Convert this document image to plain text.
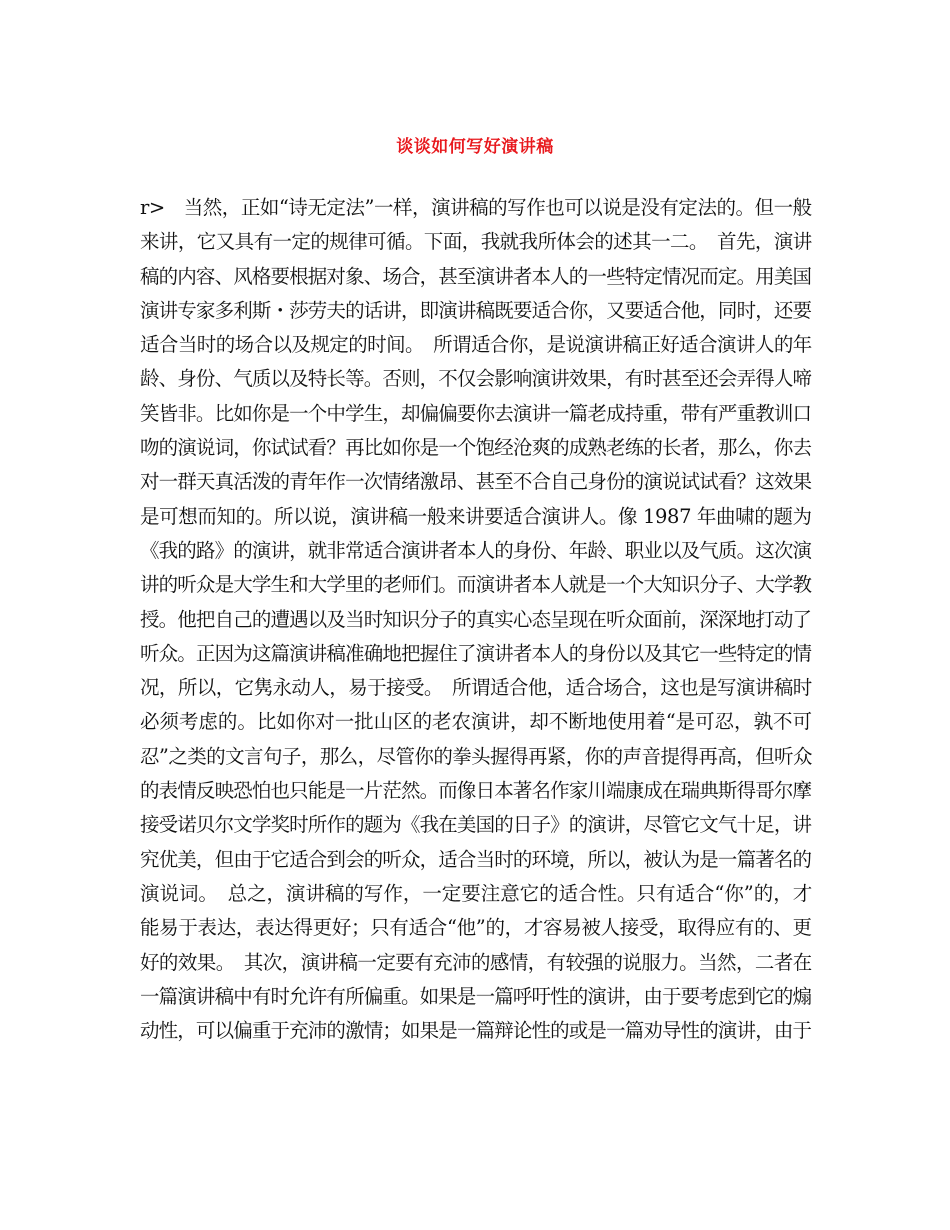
谈谈如何写好演讲稿
r>　当然，正如“诗无定法”一样，演讲稿的写作也可以说是没有定法的。但一般
来讲，它又具有一定的规律可循。下面，我就我所体会的述其一二。　首先，演讲
稿的内容、风格要根据对象、场合，甚至演讲者本人的一些特定情况而定。用美国
演讲专家多利斯・莎劳夫的话讲，即演讲稿既要适合你，又要适合他，同时，还要
适合当时的场合以及规定的时间。　所谓适合你，是说演讲稿正好适合演讲人的年
龄、身份、气质以及特长等。否则，不仅会影响演讲效果，有时甚至还会弄得人啼
笑皆非。比如你是一个中学生，却偏偏要你去演讲一篇老成持重，带有严重教训口
吻的演说词，你试试看？再比如你是一个饱经沧爽的成熟老练的长者，那么，你去
对一群天真活泼的青年作一次情绪激昂、甚至不合自己身份的演说试试看？这效果
是可想而知的。所以说，演讲稿一般来讲要适合演讲人。像 1987 年曲啸的题为
《我的路》的演讲，就非常适合演讲者本人的身份、年龄、职业以及气质。这次演
讲的听众是大学生和大学里的老师们。而演讲者本人就是一个大知识分子、大学教
授。他把自己的遭遇以及当时知识分子的真实心态呈现在听众面前，深深地打动了
听众。正因为这篇演讲稿准确地把握住了演讲者本人的身份以及其它一些特定的情
况，所以，它隽永动人，易于接受。　所谓适合他，适合场合，这也是写演讲稿时
必须考虑的。比如你对一批山区的老农演讲，却不断地使用着“是可忍，孰不可
忍”之类的文言句子，那么，尽管你的拳头握得再紧，你的声音提得再高，但听众
的表情反映恐怕也只能是一片茫然。而像日本著名作家川端康成在瑞典斯得哥尔摩
接受诺贝尔文学奖时所作的题为《我在美国的日子》的演讲，尽管它文气十足，讲
究优美，但由于它适合到会的听众，适合当时的环境，所以，被认为是一篇著名的
演说词。　总之，演讲稿的写作，一定要注意它的适合性。只有适合“你”的，才
能易于表达，表达得更好；只有适合“他”的，才容易被人接受，取得应有的、更
好的效果。　其次，演讲稿一定要有充沛的感情，有较强的说服力。当然，二者在
一篇演讲稿中有时允许有所偏重。如果是一篇呼吁性的演讲，由于要考虑到它的煽
动性，可以偏重于充沛的激情；如果是一篇辩论性的或是一篇劝导性的演讲，由于
